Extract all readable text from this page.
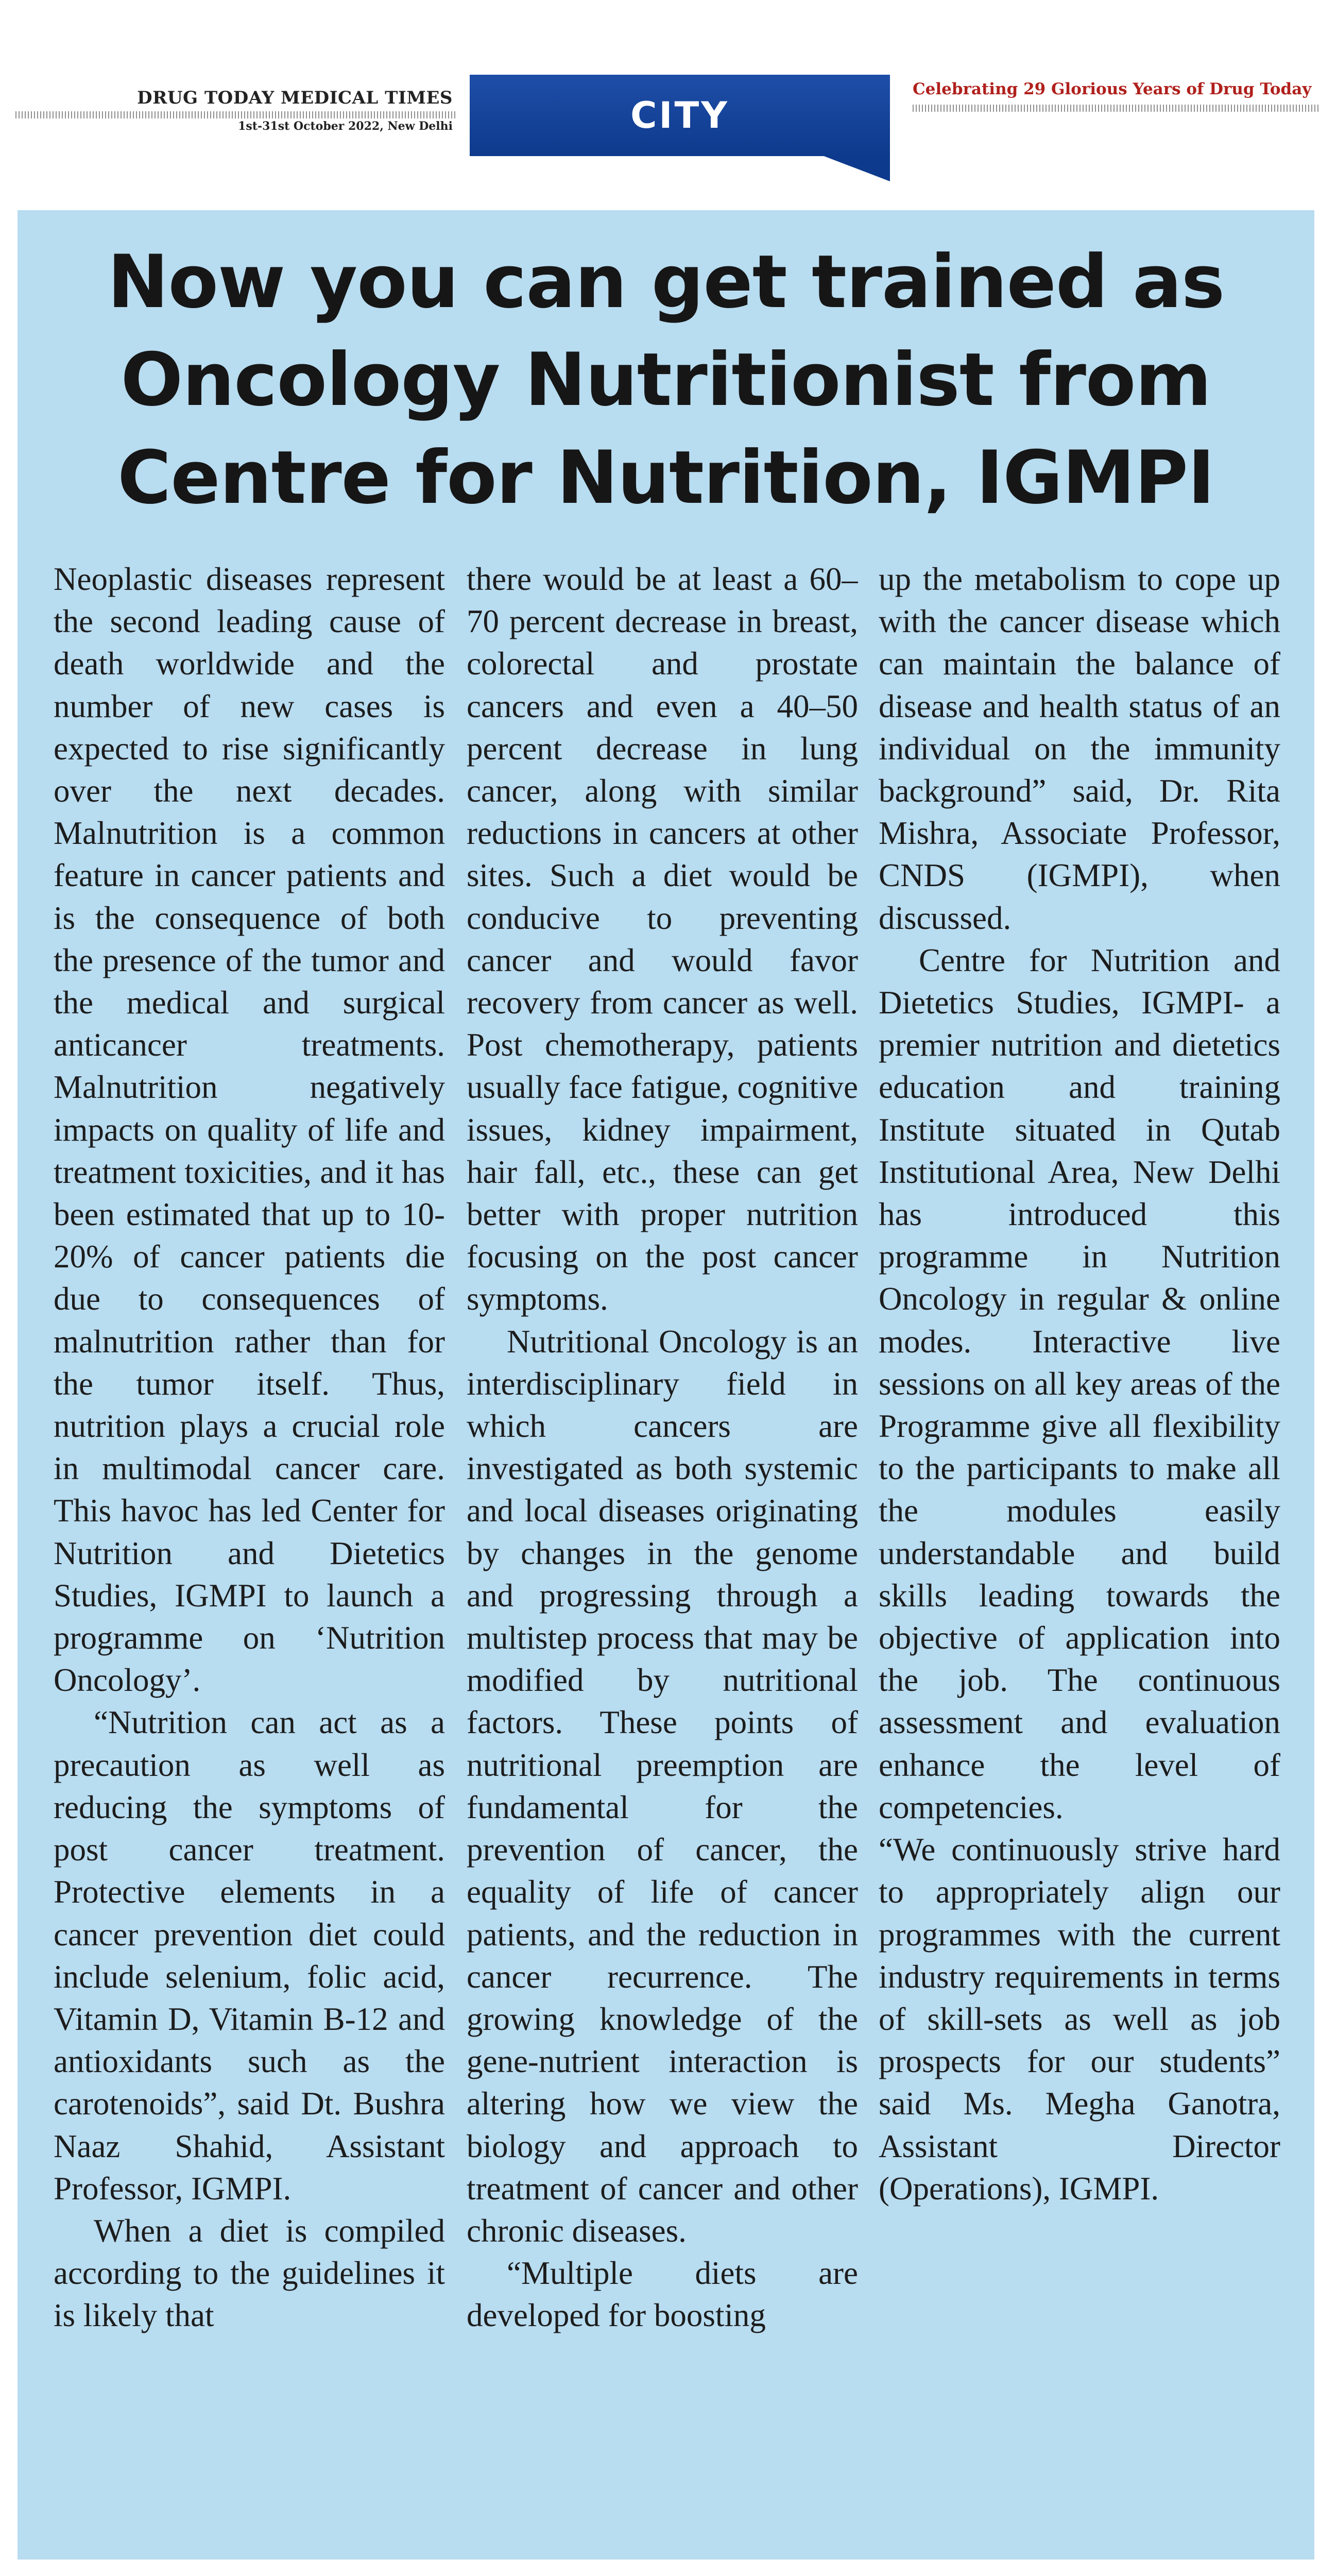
DRUG TODAY MEDICAL TIMES
1st-31st October 2022, New Delhi	CITY
Celebrating 29 Glorious Years of Drug Today
Now you can get trained as
Oncology Nutritionist from
Centre for Nutrition, IGMPI

Neoplastic diseases represent the second leading cause of death worldwide and the number of new cases is expected to rise significantly over the next decades. Malnutrition is a common feature in cancer patients and is the consequence of both the presence of the tumor and the medical and surgical anticancer treatments. Malnutrition negatively impacts on quality of life and treatment toxicities, and it has been estimated that up to 10-20% of cancer patients die due to consequences of malnutrition rather than for the tumor itself. Thus, nutrition plays a crucial role in multimodal cancer care. This havoc has led Center for Nutrition and Dietetics Studies, IGMPI to launch a programme on ‘Nutrition Oncology’.

“Nutrition can act as a precaution as well as reducing the symptoms of post cancer treatment. Protective elements in a cancer prevention diet could include selenium, folic acid, Vitamin D, Vitamin B-12 and antioxidants such as the carotenoids”, said Dt. Bushra Naaz Shahid, Assistant Professor, IGMPI.

When a diet is compiled according to the guidelines it is likely that

there would be at least a 60–70 percent decrease in breast, colorectal and prostate cancers and even a 40–50 percent decrease in lung cancer, along with similar reductions in cancers at other sites. Such a diet would be conducive to preventing cancer and would favor recovery from cancer as well. Post chemotherapy, patients usually face fatigue, cognitive issues, kidney impairment, hair fall, etc., these can get better with proper nutrition focusing on the post cancer symptoms.

Nutritional Oncology is an interdisciplinary field in which cancers are investigated as both systemic and local diseases originating by changes in the genome and progressing through a multistep process that may be modified by nutritional factors. These points of nutritional preemption are fundamental for the prevention of cancer, the equality of life of cancer patients, and the reduction in cancer recurrence. The growing knowledge of the gene-nutrient interaction is altering how we view the biology and approach to treatment of cancer and other chronic diseases.

“Multiple diets are developed for boosting

up the metabolism to cope up with the cancer disease which can maintain the balance of disease and health status of an individual on the immunity background” said, Dr. Rita Mishra, Associate Professor, CNDS (IGMPI), when discussed.

Centre for Nutrition and Dietetics Studies, IGMPI- a premier nutrition and dietetics education and training Institute situated in Qutab Institutional Area, New Delhi has introduced this programme in Nutrition Oncology in regular & online modes. Interactive live sessions on all key areas of the Programme give all flexibility to the participants to make all the modules easily understandable and build skills leading towards the objective of application into the job. The continuous assessment and evaluation enhance the level of competencies.

“We continuously strive hard to appropriately align our programmes with the current industry requirements in terms of skill-sets as well as job prospects for our students” said Ms. Megha Ganotra, Assistant Director (Operations), IGMPI.
